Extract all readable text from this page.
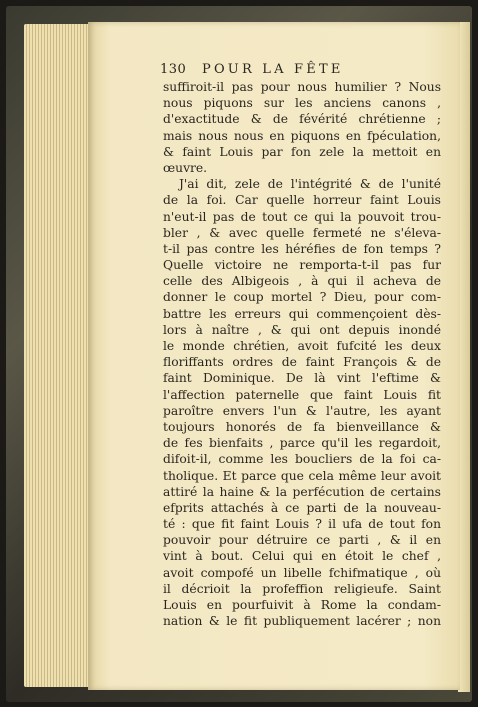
130 POUR LA FÊTE
suffiroit-il pas pour nous humilier ? Nous
nous piquons sur les anciens canons ,
d'exactitude & de févérité chrétienne ;
mais nous nous en piquons en fpéculation,
& faint Louis par fon zele la mettoit en
œuvre.
J'ai dit, zele de l'intégrité & de l'unité
de la foi. Car quelle horreur faint Louis
n'eut-il pas de tout ce qui la pouvoit trou-
bler , & avec quelle fermeté ne s'éleva-
t-il pas contre les héréfies de fon temps ?
Quelle victoire ne remporta-t-il pas fur
celle des Albigeois , à qui il acheva de
donner le coup mortel ? Dieu, pour com-
battre les erreurs qui commençoient dès-
lors à naître , & qui ont depuis inondé
le monde chrétien, avoit fufcité les deux
floriffants ordres de faint François & de
faint Dominique. De là vint l'eftime &
l'affection paternelle que faint Louis fit
paroître envers l'un & l'autre, les ayant
toujours honorés de fa bienveillance &
de fes bienfaits , parce qu'il les regardoit,
difoit-il, comme les boucliers de la foi ca-
tholique. Et parce que cela même leur avoit
attiré la haine & la perfécution de certains
efprits attachés à ce parti de la nouveau-
té : que fit faint Louis ? il ufa de tout fon
pouvoir pour détruire ce parti , & il en
vint à bout. Celui qui en étoit le chef ,
avoit compofé un libelle fchifmatique , où
il décrioit la profeffion religieufe. Saint
Louis en pourfuivit à Rome la condam-
nation & le fit publiquement lacérer ; non
